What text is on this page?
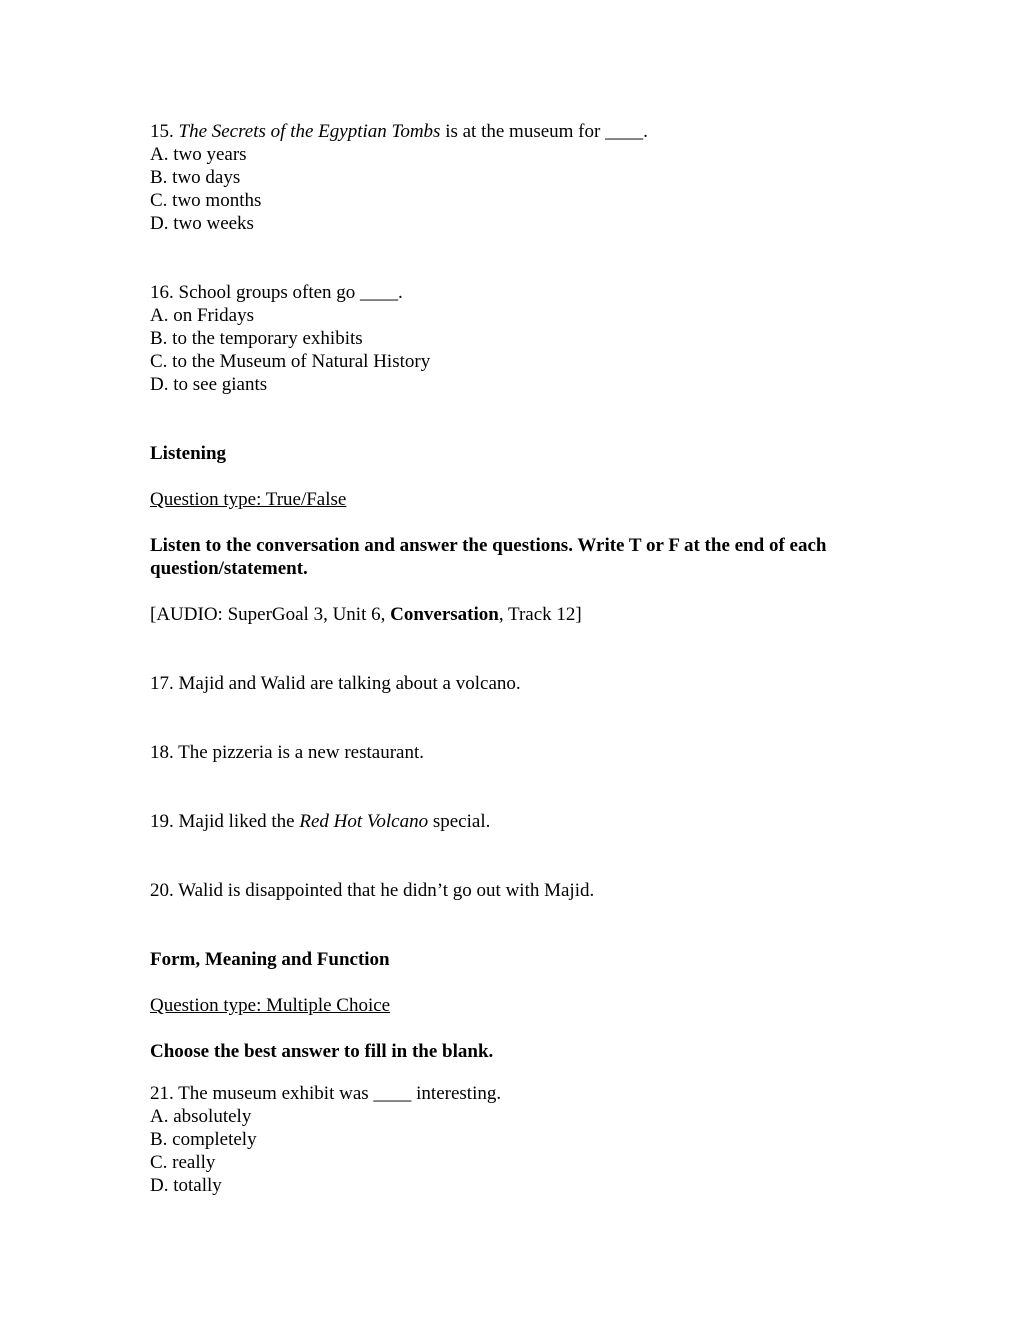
15. The Secrets of the Egyptian Tombs is at the museum for ____.
A. two years
B. two days
C. two months
D. two weeks
16. School groups often go ____.
A. on Fridays
B. to the temporary exhibits
C. to the Museum of Natural History
D. to see giants
Listening
Question type: True/False
Listen to the conversation and answer the questions. Write T or F at the end of each question/statement.
[AUDIO: SuperGoal 3, Unit 6, Conversation, Track 12]
17. Majid and Walid are talking about a volcano.
18. The pizzeria is a new restaurant.
19. Majid liked the Red Hot Volcano special.
20. Walid is disappointed that he didn’t go out with Majid.
Form, Meaning and Function
Question type: Multiple Choice
Choose the best answer to fill in the blank.
21. The museum exhibit was ____ interesting.
A. absolutely
B. completely
C. really
D. totally
